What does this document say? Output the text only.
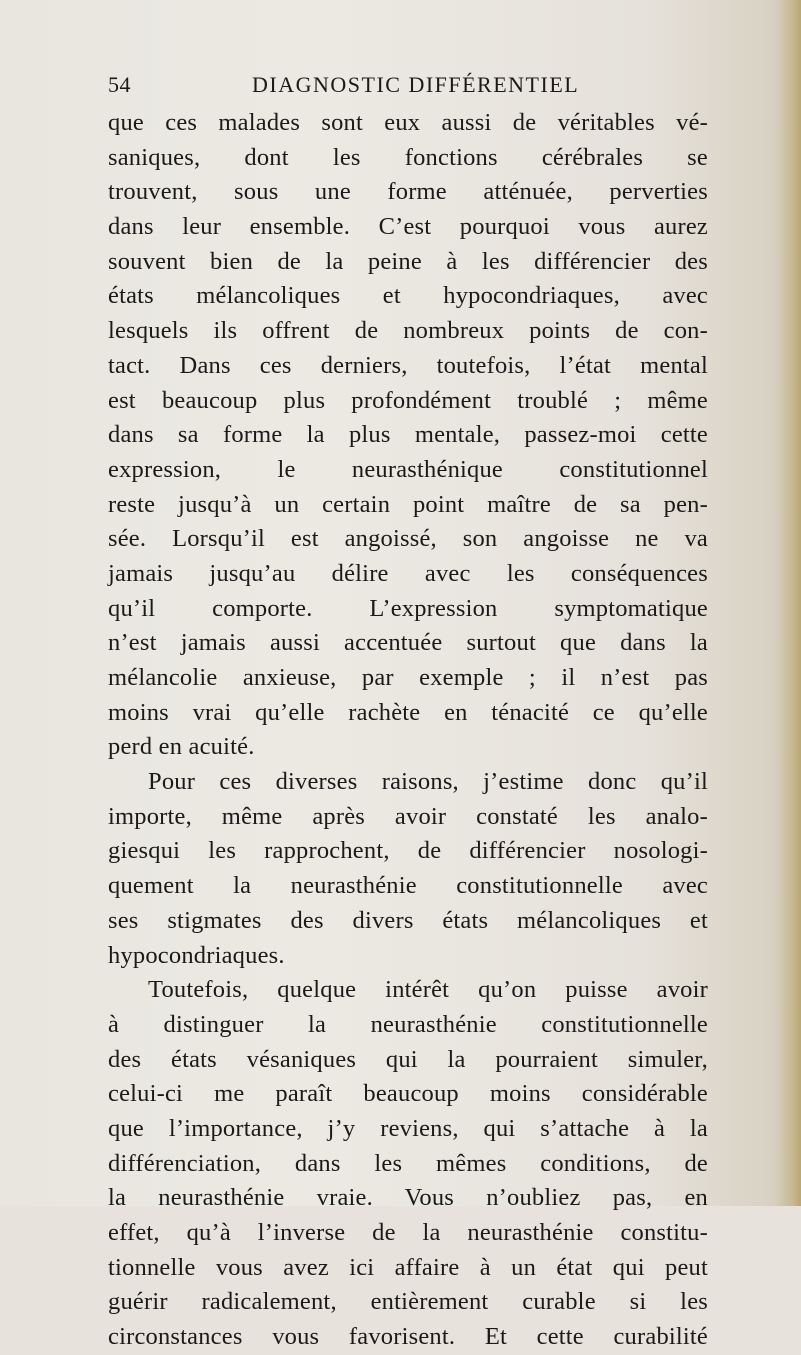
54	DIAGNOSTIC DIFFÉRENTIEL
que ces malades sont eux aussi de véritables vé-
saniques, dont les fonctions cérébrales se
trouvent, sous une forme atténuée, perverties
dans leur ensemble. C’est pourquoi vous aurez
souvent bien de la peine à les différencier des
états mélancoliques et hypocondriaques, avec
lesquels ils offrent de nombreux points de con-
tact. Dans ces derniers, toutefois, l’état mental
est beaucoup plus profondément troublé ; même
dans sa forme la plus mentale, passez-moi cette
expression, le neurasthénique constitutionnel
reste jusqu’à un certain point maître de sa pen-
sée. Lorsqu’il est angoissé, son angoisse ne va
jamais jusqu’au délire avec les conséquences
qu’il comporte. L’expression symptomatique
n’est jamais aussi accentuée surtout que dans la
mélancolie anxieuse, par exemple ; il n’est pas
moins vrai qu’elle rachète en ténacité ce qu’elle
perd en acuité.
Pour ces diverses raisons, j’estime donc qu’il
importe, même après avoir constaté les analo-
giesqui les rapprochent, de différencier nosologi-
quement la neurasthénie constitutionnelle avec
ses stigmates des divers états mélancoliques et
hypocondriaques.
Toutefois, quelque intérêt qu’on puisse avoir
à distinguer la neurasthénie constitutionnelle
des états vésaniques qui la pourraient simuler,
celui-ci me paraît beaucoup moins considérable
que l’importance, j’y reviens, qui s’attache à la
différenciation, dans les mêmes conditions, de
la neurasthénie vraie. Vous n’oubliez pas, en
effet, qu’à l’inverse de la neurasthénie constitu-
tionnelle vous avez ici affaire à un état qui peut
guérir radicalement, entièrement curable si les
circonstances vous favorisent. Et cette curabilité
